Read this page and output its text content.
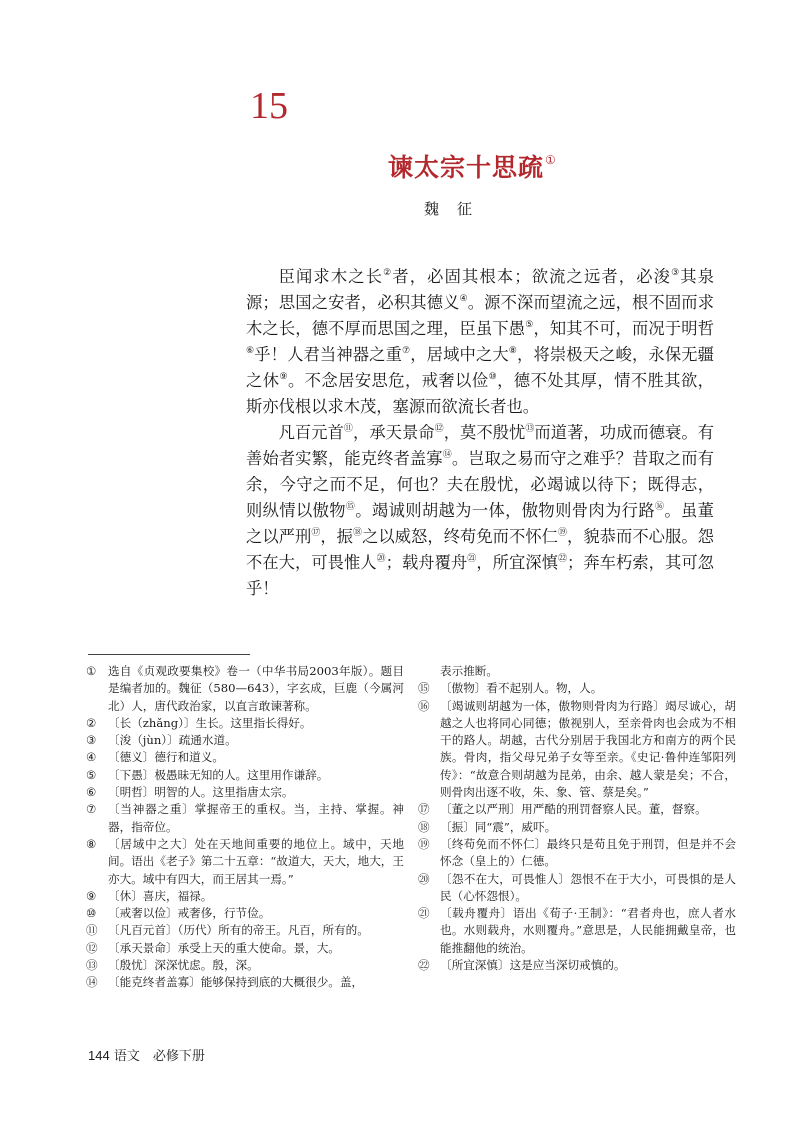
15
谏太宗十思疏①
魏征

臣闻求木之长②者，必固其根本；欲流之远者，必浚③其泉源；思国之安者，必积其德义④。源不深而望流之远，根不固而求木之长，德不厚而思国之理，臣虽下愚⑤，知其不可，而况于明哲⑥乎！人君当神器之重⑦，居域中之大⑧，将崇极天之峻，永保无疆之休⑨。不念居安思危，戒奢以俭⑩，德不处其厚，情不胜其欲，斯亦伐根以求木茂，塞源而欲流长者也。

凡百元首⑪，承天景命⑫，莫不殷忧⑬而道著，功成而德衰。有善始者实繁，能克终者盖寡⑭。岂取之易而守之难乎？昔取之而有余，今守之而不足，何也？夫在殷忧，必竭诚以待下；既得志，则纵情以傲物⑮。竭诚则胡越为一体，傲物则骨肉为行路⑯。虽董之以严刑⑰，振⑱之以威怒，终苟免而不怀仁⑲，貌恭而不心服。怨不在大，可畏惟人⑳；载舟覆舟$^㉑$，所宜深慎$^㉒$；奔车朽索，其可忽乎！

① 选自《贞观政要集校》卷一（中华书局2003年版）。题目是编者加的。魏征（580—643），字玄成，巨鹿（今属河北）人，唐代政治家，以直言敢谏著称。
② 〔长（zhǎng）〕生长。这里指长得好。
③ 〔浚（jùn）〕疏通水道。
④ 〔德义〕德行和道义。
⑤ 〔下愚〕极愚昧无知的人。这里用作谦辞。
⑥ 〔明哲〕明智的人。这里指唐太宗。
⑦ 〔当神器之重〕掌握帝王的重权。当，主持、掌握。神器，指帝位。
⑧ 〔居域中之大〕处在天地间重要的地位上。域中，天地间。语出《老子》第二十五章：“故道大，天大，地大，王亦大。域中有四大，而王居其一焉。”
⑨ 〔休〕喜庆，福禄。
⑩ 〔戒奢以俭〕戒奢侈，行节俭。
⑪ 〔凡百元首〕（历代）所有的帝王。凡百，所有的。
⑫ 〔承天景命〕承受上天的重大使命。景，大。
⑬ 〔殷忧〕深深忧虑。殷，深。
⑭ 〔能克终者盖寡〕能够保持到底的大概很少。盖，
表示推断。
⑮ 〔傲物〕看不起别人。物，人。
⑯ 〔竭诚则胡越为一体，傲物则骨肉为行路〕竭尽诚心，胡越之人也将同心同德；傲视别人，至亲骨肉也会成为不相干的路人。胡越，古代分别居于我国北方和南方的两个民族。骨肉，指父母兄弟子女等至亲。《史记·鲁仲连邹阳列传》：“故意合则胡越为昆弟，由余、越人蒙是矣；不合，则骨肉出逐不收，朱、象、管、蔡是矣。”
⑰ 〔董之以严刑〕用严酷的刑罚督察人民。董，督察。
⑱ 〔振〕同“震”，威吓。
⑲ 〔终苟免而不怀仁〕最终只是苟且免于刑罚，但是并不会怀念（皇上的）仁德。
⑳ 〔怨不在大，可畏惟人〕怨恨不在于大小，可畏惧的是人民（心怀怨恨）。
㉑ 〔载舟覆舟〕语出《荀子·王制》：“君者舟也，庶人者水也。水则载舟，水则覆舟。”意思是，人民能拥戴皇帝，也能推翻他的统治。
㉒ 〔所宜深慎〕这是应当深切戒慎的。
144 语文　必修下册
